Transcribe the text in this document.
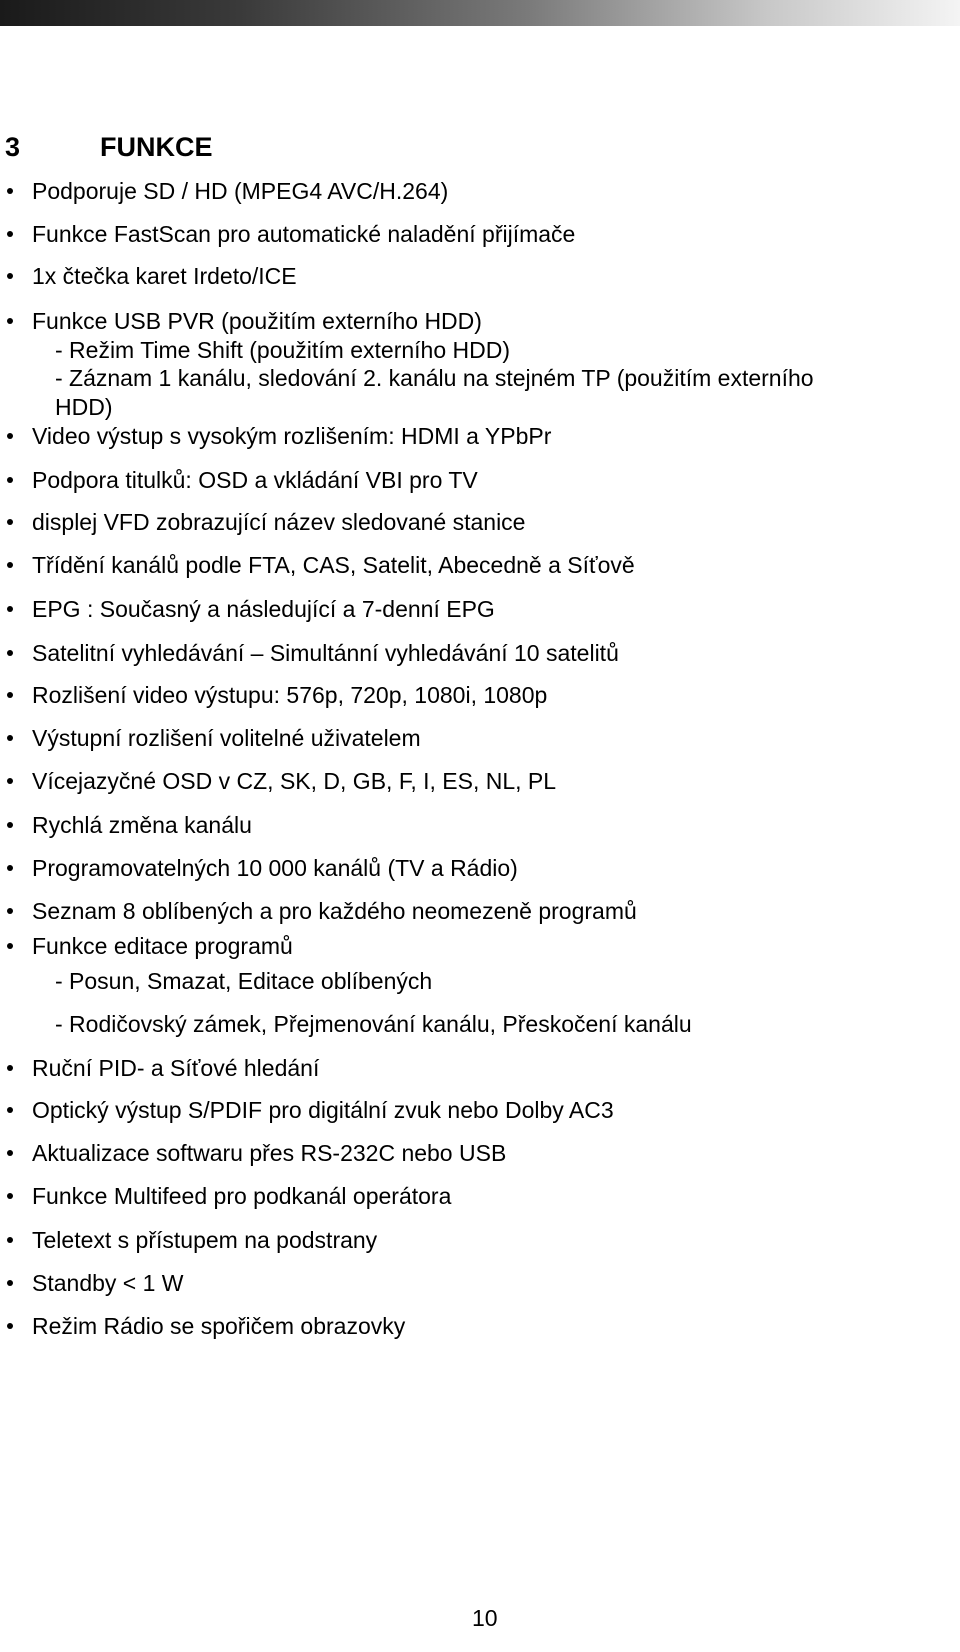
3	FUNKCE
Podporuje SD / HD (MPEG4 AVC/H.264)
Funkce FastScan pro automatické naladění přijímače
1x čtečka karet Irdeto/ICE
Funkce USB PVR (použitím externího HDD)
- Režim Time Shift (použitím externího HDD)
- Záznam 1 kanálu, sledování 2. kanálu na stejném TP (použitím externího
HDD)
Video výstup s vysokým rozlišením: HDMI a YPbPr
Podpora titulků: OSD a vkládání VBI pro TV
displej VFD zobrazující název sledované stanice
Třídění kanálů podle FTA, CAS, Satelit, Abecedně a Síťově
EPG : Současný a následující a 7-denní EPG
Satelitní vyhledávání – Simultánní vyhledávání 10 satelitů
Rozlišení video výstupu: 576p, 720p, 1080i, 1080p
Výstupní rozlišení volitelné uživatelem
Vícejazyčné OSD v CZ, SK, D, GB, F, I, ES, NL, PL
Rychlá změna kanálu
Programovatelných 10 000 kanálů (TV a Rádio)
Seznam 8 oblíbených a pro každého neomezeně programů
Funkce editace programů
- Posun, Smazat, Editace oblíbených
- Rodičovský zámek, Přejmenování kanálu, Přeskočení kanálu
Ruční PID- a Síťové hledání
Optický výstup S/PDIF pro digitální zvuk nebo Dolby AC3
Aktualizace softwaru přes RS-232C nebo USB
Funkce Multifeed pro podkanál operátora
Teletext s přístupem na podstrany
Standby < 1 W
Režim Rádio se spořičem obrazovky
10
